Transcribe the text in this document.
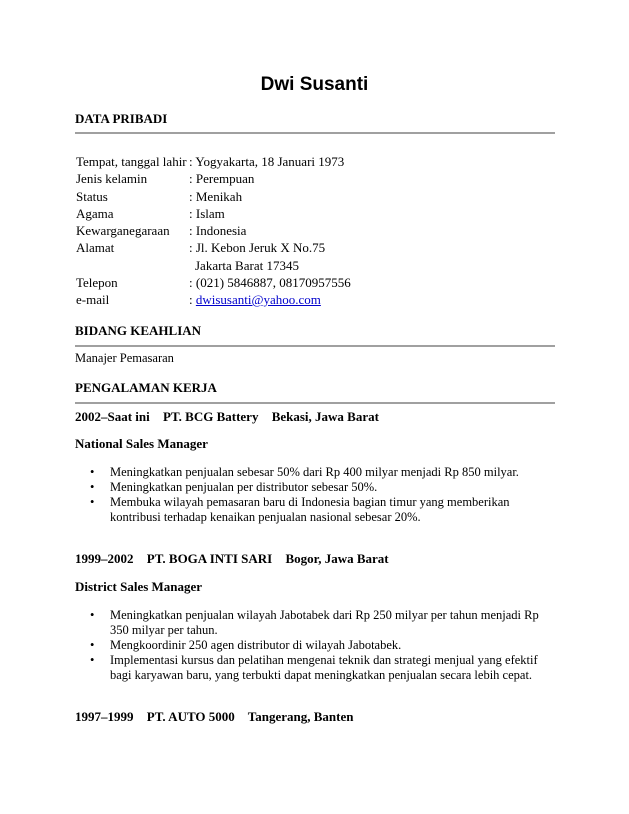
Dwi Susanti
DATA PRIBADI
Tempat, tanggal lahir : Yogyakarta, 18 Januari 1973
Jenis kelamin	: Perempuan
Status	: Menikah
Agama	: Islam
Kewarganegaraan : Indonesia
Alamat	: Jl. Kebon Jeruk X No.75
Jakarta Barat 17345
Telepon	: (021) 5846887, 08170957556
e-mail	: dwisusanti@yahoo.com
BIDANG KEAHLIAN
Manajer Pemasaran
PENGALAMAN KERJA
2002–Saat ini PT. BCG Battery Bekasi, Jawa Barat
National Sales Manager
• Meningkatkan penjualan sebesar 50% dari Rp 400 milyar menjadi Rp 850 milyar.
• Meningkatkan penjualan per distributor sebesar 50%.
• Membuka wilayah pemasaran baru di Indonesia bagian timur yang memberikan kontribusi terhadap kenaikan penjualan nasional sebesar 20%.
1999–2002 PT. BOGA INTI SARI Bogor, Jawa Barat
District Sales Manager
• Meningkatkan penjualan wilayah Jabotabek dari Rp 250 milyar per tahun menjadi Rp 350 milyar per tahun.
• Mengkoordinir 250 agen distributor di wilayah Jabotabek.
• Implementasi kursus dan pelatihan mengenai teknik dan strategi menjual yang efektif bagi karyawan baru, yang terbukti dapat meningkatkan penjualan secara lebih cepat.
1997–1999 PT. AUTO 5000 Tangerang, Banten
